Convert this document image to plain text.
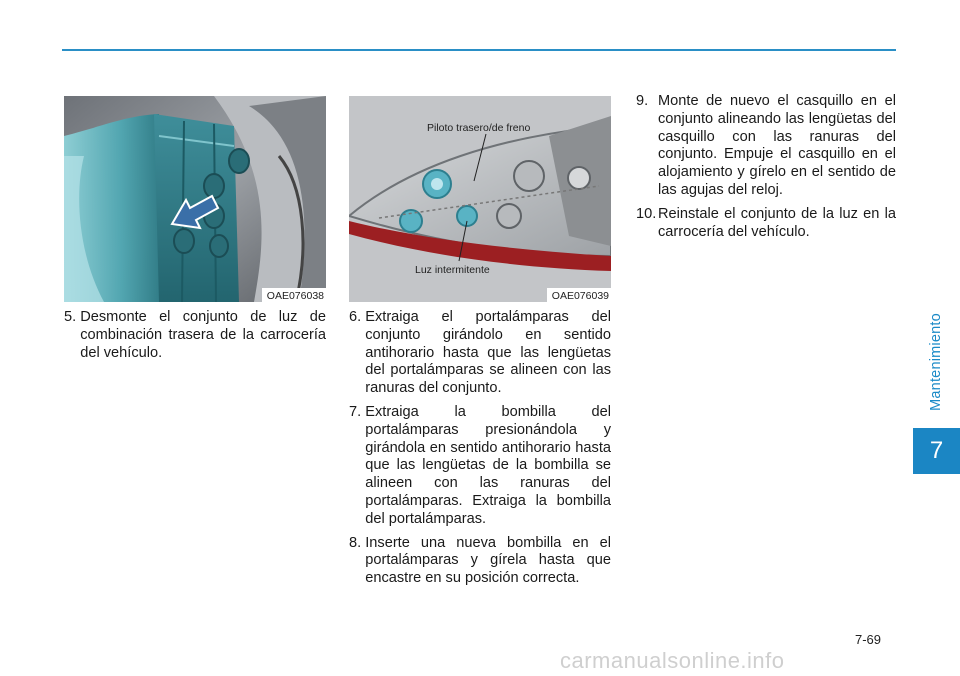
Mantenimiento
7
OAE076038
Piloto trasero/de freno
Luz intermitente
OAE076039
5. Desmonte el conjunto de luz de combinación trasera de la carrocería del vehículo.
6. Extraiga el portalámparas del conjunto girándolo en sentido antihorario hasta que las lengüetas del portalámparas se alineen con las ranuras del conjunto.
7. Extraiga la bombilla del portalámparas presionándola y girándola en sentido antihorario hasta que las lengüetas de la bombilla se alineen con las ranuras del portalámparas. Extraiga la bombilla del portalámparas.
8. Inserte una nueva bombilla en el portalámparas y gírela hasta que encastre en su posición correcta.
9. Monte de nuevo el casquillo en el conjunto alineando las lengüetas del casquillo con las ranuras del conjunto. Empuje el casquillo en el alojamiento y gírelo en el sentido de las agujas del reloj.
10.
Reinstale el conjunto de la luz en la carrocería del vehículo.
7-69
carmanualsonline.info
